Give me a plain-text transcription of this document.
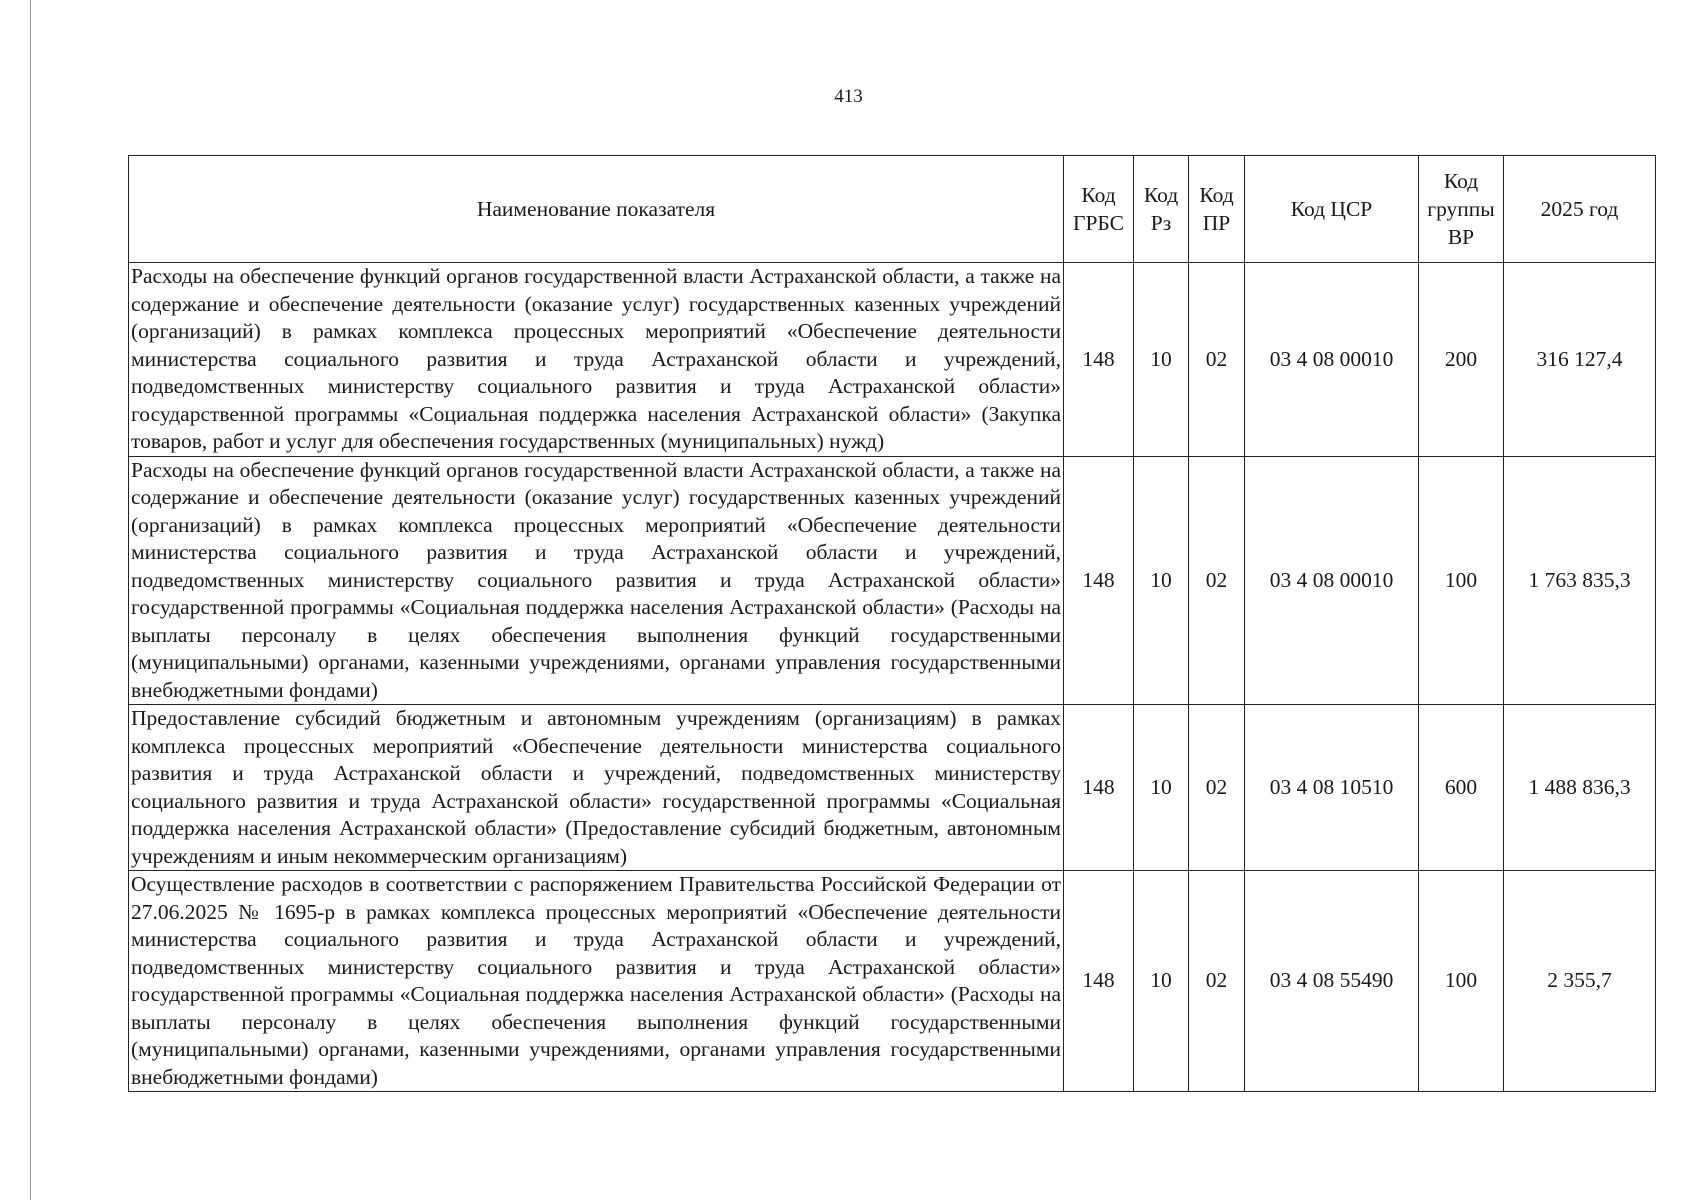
413
Наименование показателя	Код ГРБС	Код Рз	Код ПР	Код ЦСР	Код группы ВР	2025 год
Расходы на обеспечение функций органов государственной власти Астраханской области, а также на содержание и обеспечение деятельности (оказание услуг) государственных казенных учреждений (организаций) в рамках комплекса процессных мероприятий «Обеспечение деятельности министерства социального развития и труда Астраханской области и учреждений, подведомственных министерству социального развития и труда Астраханской области» государственной программы «Социальная поддержка населения Астраханской области» (Закупка товаров, работ и услуг для обеспечения государственных (муниципальных) нужд)	148	10	02	03 4 08 00010	200	316 127,4
Расходы на обеспечение функций органов государственной власти Астраханской области, а также на содержание и обеспечение деятельности (оказание услуг) государственных казенных учреждений (организаций) в рамках комплекса процессных мероприятий «Обеспечение деятельности министерства социального развития и труда Астраханской области и учреждений, подведомственных министерству социального развития и труда Астраханской области» государственной программы «Социальная поддержка населения Астраханской области» (Расходы на выплаты персоналу в целях обеспечения выполнения функций государственными (муниципальными) органами, казенными учреждениями, органами управления государственными внебюджетными фондами)	148	10	02	03 4 08 00010	100	1 763 835,3
Предоставление субсидий бюджетным и автономным учреждениям (организациям) в рамках комплекса процессных мероприятий «Обеспечение деятельности министерства социального развития и труда Астраханской области и учреждений, подведомственных министерству социального развития и труда Астраханской области» государственной программы «Социальная поддержка населения Астраханской области» (Предоставление субсидий бюджетным, автономным учреждениям и иным некоммерческим организациям)	148	10	02	03 4 08 10510	600	1 488 836,3
Осуществление расходов в соответствии с распоряжением Правительства Российской Федерации от 27.06.2025 № 1695-р в рамках комплекса процессных мероприятий «Обеспечение деятельности министерства социального развития и труда Астраханской области и учреждений, подведомственных министерству социального развития и труда Астраханской области» государственной программы «Социальная поддержка населения Астраханской области» (Расходы на выплаты персоналу в целях обеспечения выполнения функций государственными (муниципальными) органами, казенными учреждениями, органами управления государственными внебюджетными фондами)	148	10	02	03 4 08 55490	100	2 355,7
